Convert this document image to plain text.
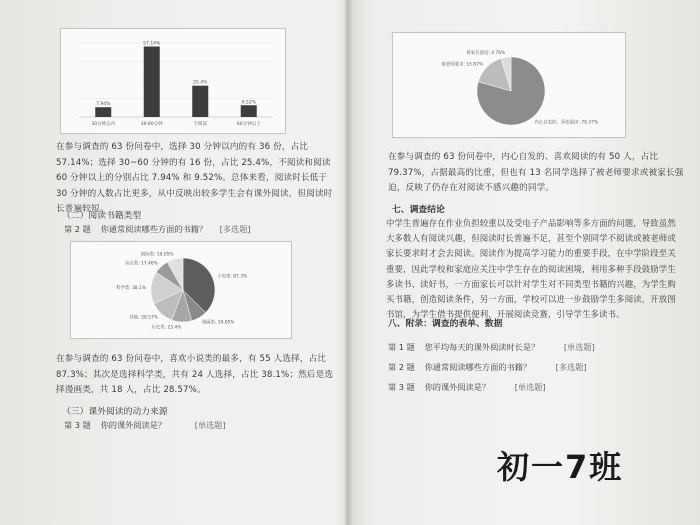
7.94%
30分钟以内
57.14%
30-60分钟
25.4%
不阅读
9.52%
60分钟以上
在参与调查的 63 份问卷中，选择 30 分钟以内的有 36 份，占比 57.14%；选择 30~60 分钟的有 16 份，占比 25.4%，不阅读和阅读 60 分钟以上的分别占比 7.94% 和 9.52%。总体来看，阅读时长低于 30 分钟的人数占比更多，从中反映出较多学生会有课外阅读，但阅读时长普遍较短。
（二）阅读书籍类型
第 2 题 你通常阅读哪些方面的书籍？ [多选题]
小说类: 87.3%
漫画类: 19.05%
历史类: 23.4%
其他: 28.57%
科学类: 38.1%
杂志类: 17.46%
国际类: 19.05%
在参与调查的 63 份问卷中，喜欢小说类的最多，有 55 人选择，占比 87.3%；其次是选择科学类，共有 24 人选择，占比 38.1%；然后是选择漫画类，共 18 人，占比 28.57%。
（三）课外阅读的动力来源
第 3 题 你的课外阅读是？	[单选题]
内心自发的、喜欢阅读: 79.37%
被老师要求: 15.87%
被家长强迫: 4.76%
在参与调查的 63 份问卷中，内心自发的、喜欢阅读的有 50 人，占比 79.37%，占据最高的比重，但也有 13 名同学选择了被老师要求或被家长强迫，反映了仍存在对阅读不感兴趣的同学。
七、调查结论
中学生普遍存在作业负担较重以及受电子产品影响等多方面的问题，导致虽然大多数人有阅读兴趣，但阅读时长普遍不足，甚至个别同学不阅读或被老师或家长要求时才会去阅读。阅读作为提高学习能力的重要手段，在中学阶段至关重要，因此学校和家庭应关注中学生存在的阅读困境，利用多种手段鼓励学生多读书、读好书，一方面家长可以针对学生对不同类型书籍的兴趣，为学生购买书籍，创造阅读条件，另一方面，学校可以进一步鼓励学生多阅读，开放图书馆，为学生借书提供便利，开展阅读竞赛，引导学生多读书。
八、附录：调查的表单、数据
第 1 题 您平均每天的课外阅读时长是？	[单选题]
第 2 题 你通常阅读哪些方面的书籍？	[多选题]
第 3 题 你的课外阅读是？	[单选题]
初一7班
